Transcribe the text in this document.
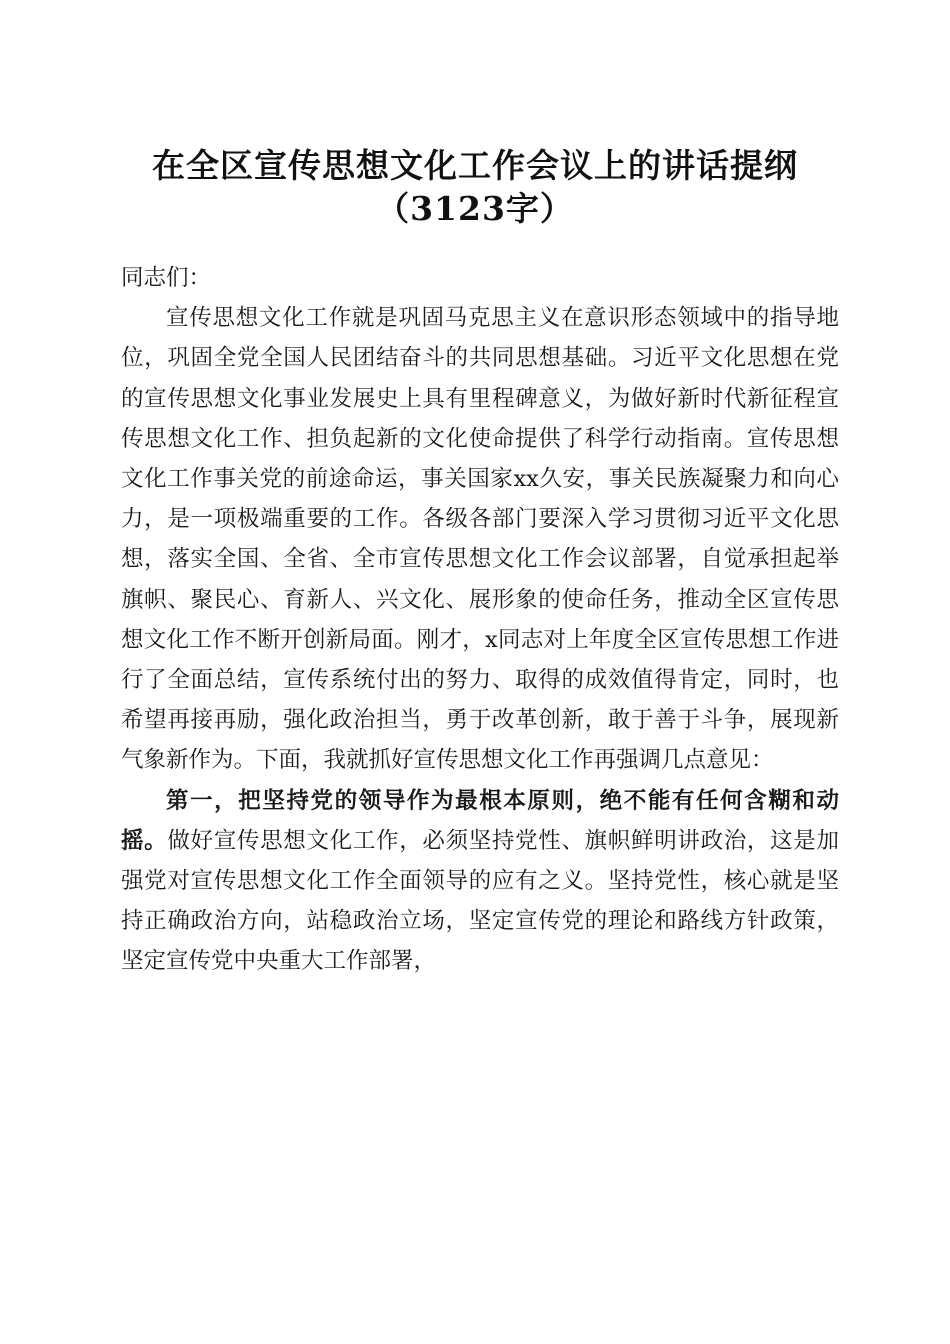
在全区宣传思想文化工作会议上的讲话提纲
（3123字）

同志们：

宣传思想文化工作就是巩固马克思主义在意识形态领域中的指导地位，巩固全党全国人民团结奋斗的共同思想基础。习近平文化思想在党的宣传思想文化事业发展史上具有里程碑意义，为做好新时代新征程宣传思想文化工作、担负起新的文化使命提供了科学行动指南。宣传思想文化工作事关党的前途命运，事关国家xx久安，事关民族凝聚力和向心力，是一项极端重要的工作。各级各部门要深入学习贯彻习近平文化思想，落实全国、全省、全市宣传思想文化工作会议部署，自觉承担起举旗帜、聚民心、育新人、兴文化、展形象的使命任务，推动全区宣传思想文化工作不断开创新局面。刚才，x同志对上年度全区宣传思想工作进行了全面总结，宣传系统付出的努力、取得的成效值得肯定，同时，也希望再接再励，强化政治担当，勇于改革创新，敢于善于斗争，展现新气象新作为。下面，我就抓好宣传思想文化工作再强调几点意见：

第一，把坚持党的领导作为最根本原则，绝不能有任何含糊和动摇。做好宣传思想文化工作，必须坚持党性、旗帜鲜明讲政治，这是加强党对宣传思想文化工作全面领导的应有之义。坚持党性，核心就是坚持正确政治方向，站稳政治立场，坚定宣传党的理论和路线方针政策，坚定宣传党中央重大工作部署，
